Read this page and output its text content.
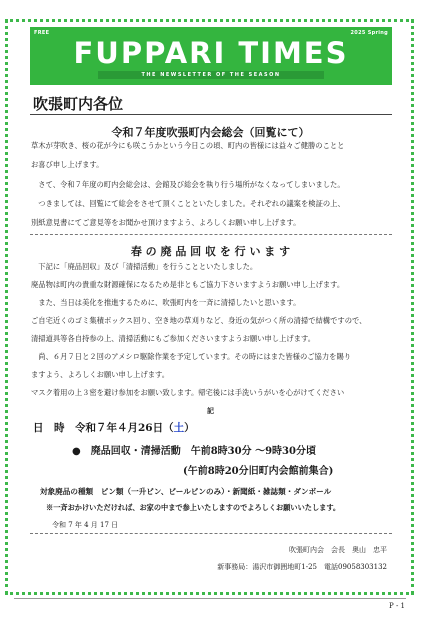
FREE	2025 Spring
FUPPARI TIMES
THE NEWSLETTER OF THE SEASON
吹張町内各位
令和７年度吹張町内会総会（回覧にて）
草木が芽吹き、桜の花が今にも咲こうかという今日この頃、町内の皆様には益々ご健勝のことと
お喜び申し上げます。
　さて、令和７年度の町内会総会は、会館及び総会を執り行う場所がなくなってしまいました。
　つきましては、回覧にて総会をさせて頂くことといたしました。それぞれの議案を検証の上、
別紙意見書にてご意見等をお聞かせ頂けますよう、よろしくお願い申し上げます。
春 の 廃 品 回 収 を 行 い ま す
　下記に「廃品回収」及び「清掃活動」を行うことといたしました。
廃品物は町内の貴重な財源確保になるため是非ともご協力下さいますようお願い申し上げます。
　また、当日は美化を推進するために、吹張町内を一斉に清掃したいと思います。
ご自宅近くのゴミ集積ボックス回り、空き地の草刈りなど、身近の気がつく所の清掃で結構ですので、
清掃道具等各自持参の上、清掃活動にもご参加くださいますようお願い申し上げます。
　尚、６月７日と２回のアメシロ駆除作業を予定しています。その時にはまた皆様のご協力を賜り
ますよう、よろしくお願い申し上げます。
マスク着用の上３密を避け参加をお願い致します。帰宅後には手洗いうがいを心がけてください
記
日　時　令和７年４月26日（土）
●　廃品回収・清掃活動　午前8時30分 ～9時30分頃
(午前8時20分旧町内会館前集合)
対象廃品の種類　ピン類（一升ビン、ビールビンのみ）・新聞紙・雑誌類・ダンボール
※一斉おかけいただければ、お家の中まで参上いたしますのでよろしくお願いいたします。
令和 7 年 4 月 17 日
吹張町内会　会長　奥山　忠平
新事務局：湯沢市御囲地町1-25　電話09058303132
P - 1
